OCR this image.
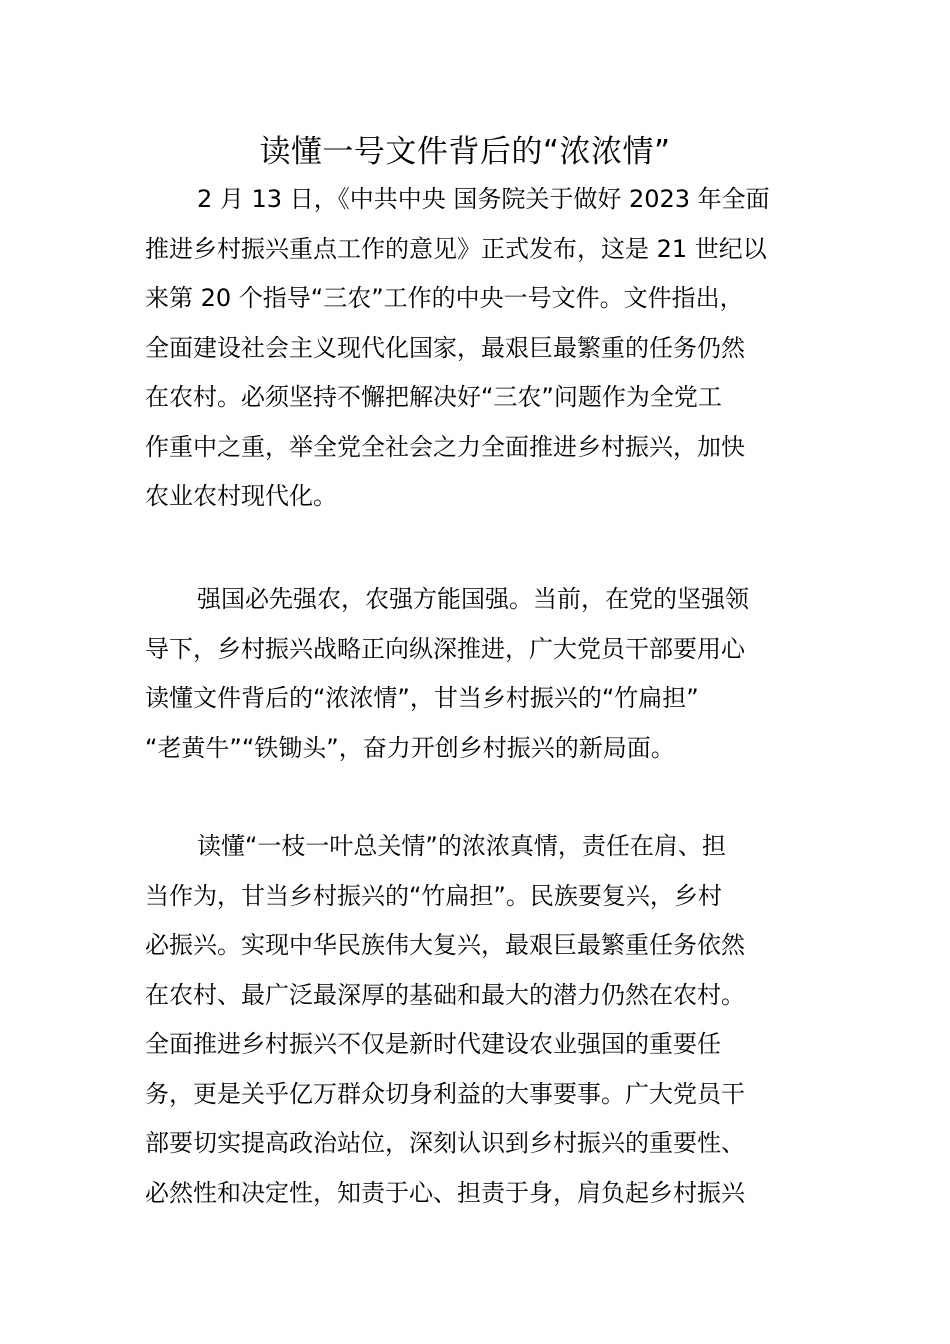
读懂一号文件背后的“浓浓情”
2 月 13 日，《中共中央 国务院关于做好 2023 年全面
推进乡村振兴重点工作的意见》正式发布，这是 21 世纪以
来第 20 个指导“三农”工作的中央一号文件。文件指出，
全面建设社会主义现代化国家，最艰巨最繁重的任务仍然
在农村。必须坚持不懈把解决好“三农”问题作为全党工
作重中之重，举全党全社会之力全面推进乡村振兴，加快
农业农村现代化。
强国必先强农，农强方能国强。当前，在党的坚强领
导下，乡村振兴战略正向纵深推进，广大党员干部要用心
读懂文件背后的“浓浓情”，甘当乡村振兴的“竹扁担”
“老黄牛”“铁锄头”，奋力开创乡村振兴的新局面。
读懂“一枝一叶总关情”的浓浓真情，责任在肩、担
当作为，甘当乡村振兴的“竹扁担”。民族要复兴，乡村
必振兴。实现中华民族伟大复兴，最艰巨最繁重任务依然
在农村、最广泛最深厚的基础和最大的潜力仍然在农村。
全面推进乡村振兴不仅是新时代建设农业强国的重要任
务，更是关乎亿万群众切身利益的大事要事。广大党员干
部要切实提高政治站位，深刻认识到乡村振兴的重要性、
必然性和决定性，知责于心、担责于身，肩负起乡村振兴
